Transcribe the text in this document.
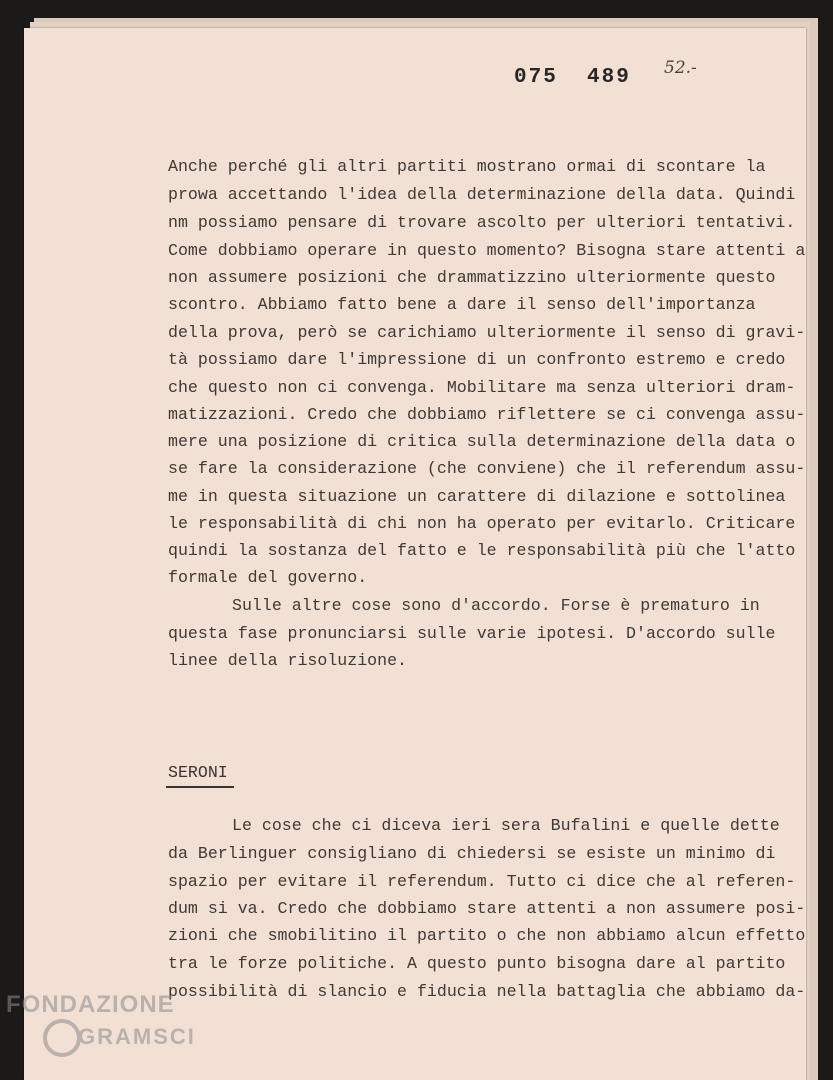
075  489 52.-
Anche perché gli altri partiti mostrano ormai di scontare la
prowa accettando l'idea della determinazione della data. Quindi
nm possiamo pensare di trovare ascolto per ulteriori tentativi.
Come dobbiamo operare in questo momento? Bisogna stare attenti a
non assumere posizioni che drammatizzino ulteriormente questo
scontro. Abbiamo fatto bene a dare il senso dell'importanza
della prova, però se carichiamo ulteriormente il senso di gravi-
tà possiamo dare l'impressione di un confronto estremo e credo
che questo non ci convenga. Mobilitare ma senza ulteriori dram-
matizzazioni. Credo che dobbiamo riflettere se ci convenga assu-
mere una posizione di critica sulla determinazione della data o
se fare la considerazione (che conviene) che il referendum assu-
me in questa situazione un carattere di dilazione e sottolinea
le responsabilità di chi non ha operato per evitarlo. Criticare
quindi la sostanza del fatto e le responsabilità più che l'atto
formale del governo.
Sulle altre cose sono d'accordo. Forse è prematuro in
questa fase pronunciarsi sulle varie ipotesi. D'accordo sulle
linee della risoluzione.
SERONI
Le cose che ci diceva ieri sera Bufalini e quelle dette
da Berlinguer consigliano di chiedersi se esiste un minimo di
spazio per evitare il referendum. Tutto ci dice che al referen-
dum si va. Credo che dobbiamo stare attenti a non assumere posi-
zioni che smobilitino il partito o che non abbiamo alcun effetto
tra le forze politiche. A questo punto bisogna dare al partito
possibilità di slancio e fiducia nella battaglia che abbiamo da-
FONDAZIONE
GRAMSCI
